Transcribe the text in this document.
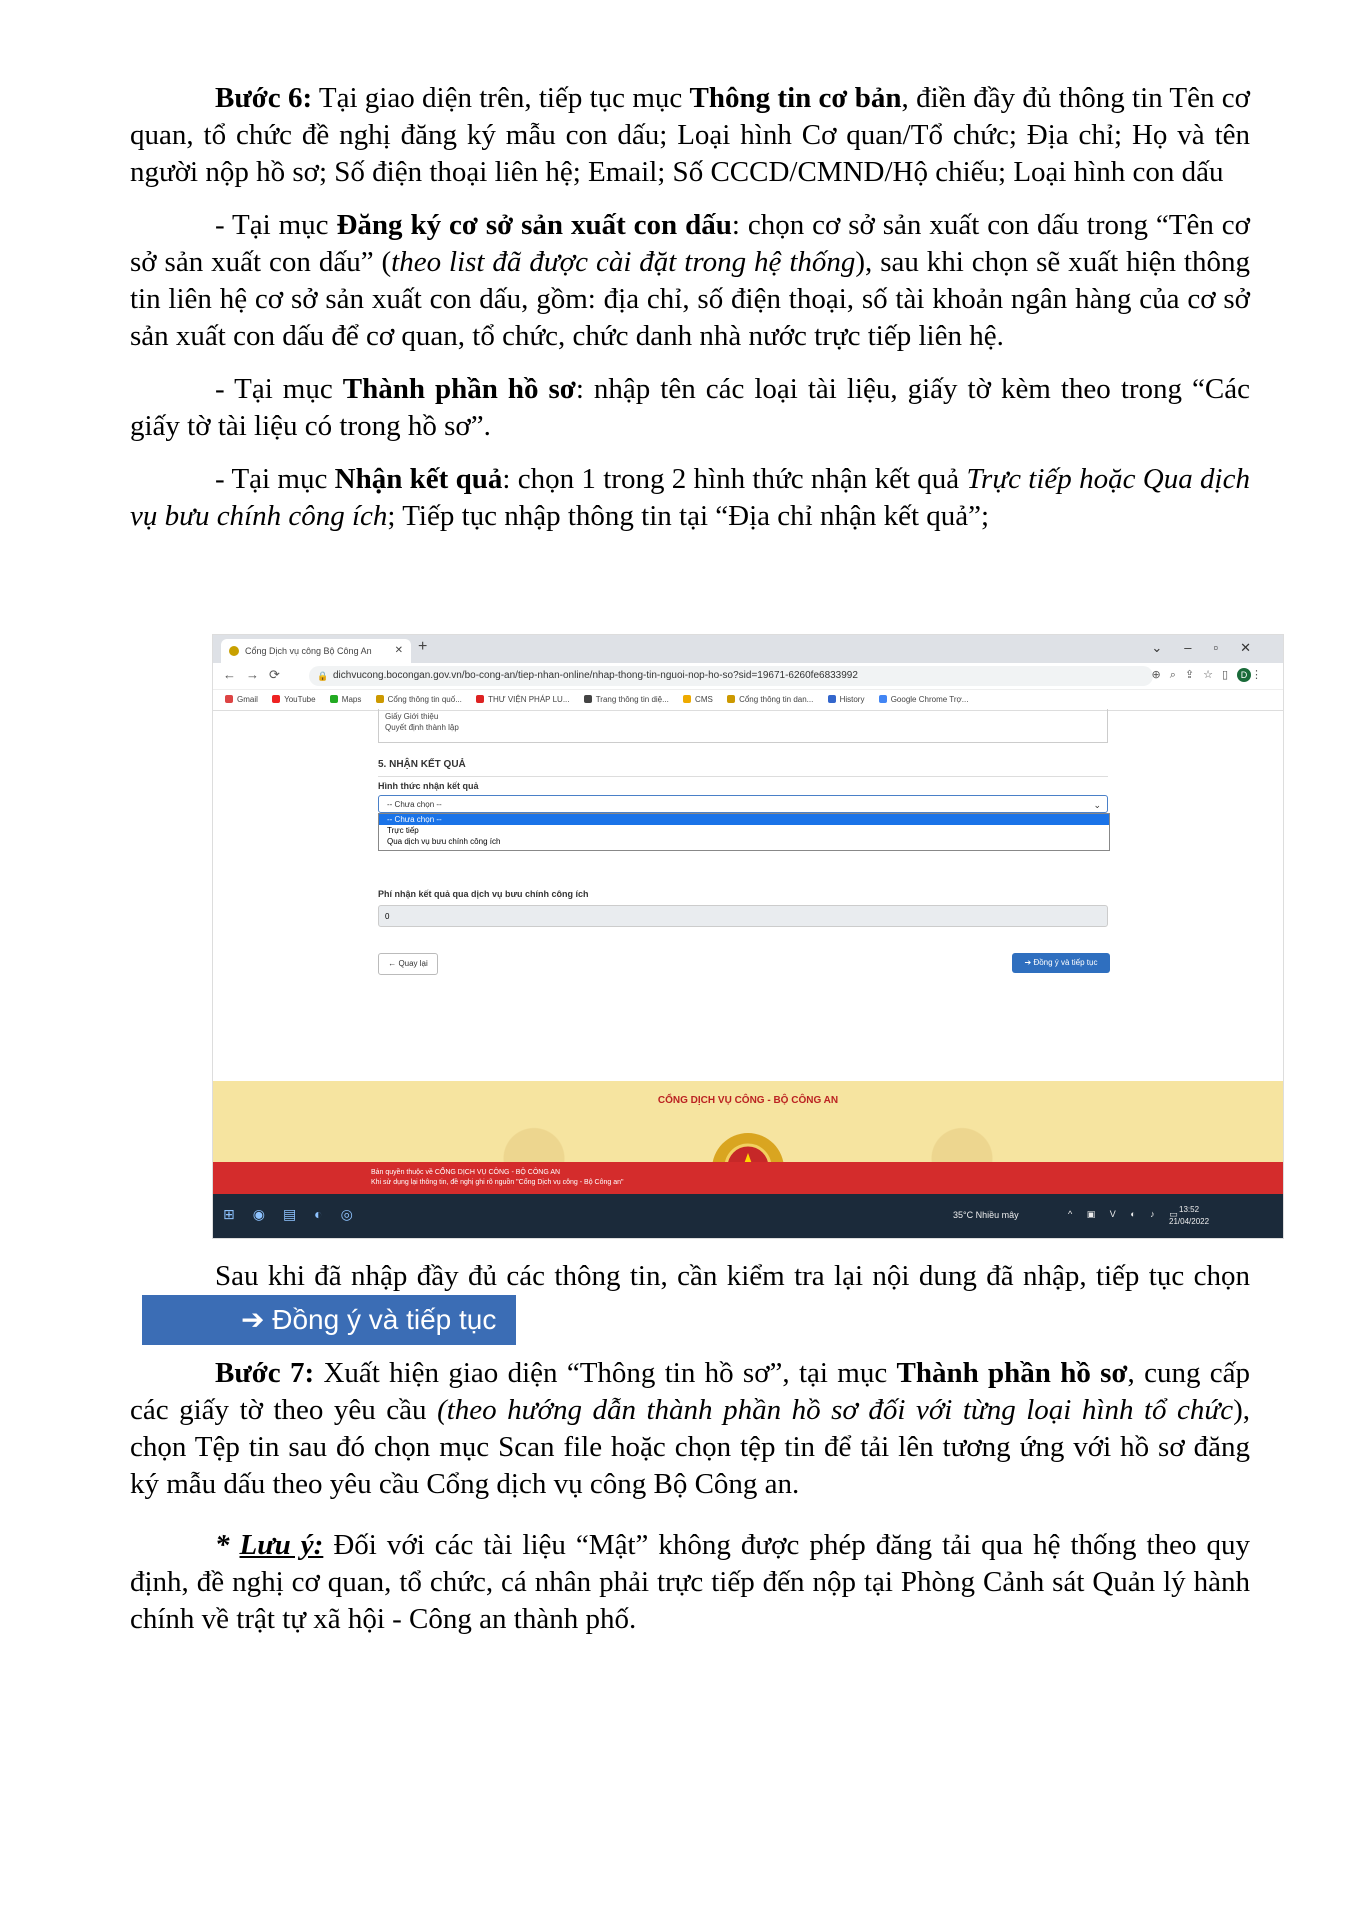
Bước 6: Tại giao diện trên, tiếp tục mục Thông tin cơ bản, điền đầy đủ thông tin Tên cơ quan, tổ chức đề nghị đăng ký mẫu con dấu; Loại hình Cơ quan/Tổ chức; Địa chỉ; Họ và tên người nộp hồ sơ; Số điện thoại liên hệ; Email; Số CCCD/CMND/Hộ chiếu; Loại hình con dấu

- Tại mục Đăng ký cơ sở sản xuất con dấu: chọn cơ sở sản xuất con dấu trong “Tên cơ sở sản xuất con dấu” (theo list đã được cài đặt trong hệ thống), sau khi chọn sẽ xuất hiện thông tin liên hệ cơ sở sản xuất con dấu, gồm: địa chỉ, số điện thoại, số tài khoản ngân hàng của cơ sở sản xuất con dấu để cơ quan, tổ chức, chức danh nhà nước trực tiếp liên hệ.

- Tại mục Thành phần hồ sơ: nhập tên các loại tài liệu, giấy tờ kèm theo trong “Các giấy tờ tài liệu có trong hồ sơ”.

- Tại mục Nhận kết quả: chọn 1 trong 2 hình thức nhận kết quả Trực tiếp hoặc Qua dịch vụ bưu chính công ích; Tiếp tục nhập thông tin tại “Địa chỉ nhận kết quả”;

Cổng Dịch vụ công Bộ Công An ✕ +	⌄–▫✕
←→⟳	🔒 dichvucong.bocongan.gov.vn/bo-cong-an/tiep-nhan-online/nhap-thong-tin-nguoi-nop-ho-so?sid=19671-6260fe6833992	⊕⌕⇪☆▯ D ⋮
Gmail	YouTube	Maps	Cổng thông tin quố...	THƯ VIỆN PHÁP LU...	Trang thông tin diệ...	CMS	Cổng thông tin dan...	History	Google Chrome Trợ...
Giấy Giới thiệu
Quyết định thành lập
5. NHẬN KẾT QUẢ
Hình thức nhận kết quả
-- Chưa chọn --	⌄
-- Chưa chọn --
Trực tiếp
Qua dịch vụ bưu chính công ích
Phí nhận kết quả qua dịch vụ bưu chính công ích
0
← Quay lại	➔ Đồng ý và tiếp tục
CỔNG DỊCH VỤ CÔNG - BỘ CÔNG AN
Bản quyền thuộc về CỔNG DỊCH VỤ CÔNG - BỘ CÔNG AN
Khi sử dụng lại thông tin, đề nghị ghi rõ nguồn "Cổng Dịch vụ công - Bộ Công an"
⊞◉▤◐◎	35°C Nhiều mây	^ ▣ V ◐ ♪ ▭
13:52
21/04/2022

Sau khi đã nhập đầy đủ các thông tin, cần kiểm tra lại nội dung đã nhập, tiếp tục chọn➔ Đồng ý và tiếp tục

Bước 7: Xuất hiện giao diện “Thông tin hồ sơ”, tại mục Thành phần hồ sơ, cung cấp các giấy tờ theo yêu cầu (theo hướng dẫn thành phần hồ sơ đối với từng loại hình tổ chức), chọn Tệp tin sau đó chọn mục Scan file hoặc chọn tệp tin để tải lên tương ứng với hồ sơ đăng ký mẫu dấu theo yêu cầu Cổng dịch vụ công Bộ Công an.

* Lưu ý: Đối với các tài liệu “Mật” không được phép đăng tải qua hệ thống theo quy định, đề nghị cơ quan, tổ chức, cá nhân phải trực tiếp đến nộp tại Phòng Cảnh sát Quản lý hành chính về trật tự xã hội - Công an thành phố.
